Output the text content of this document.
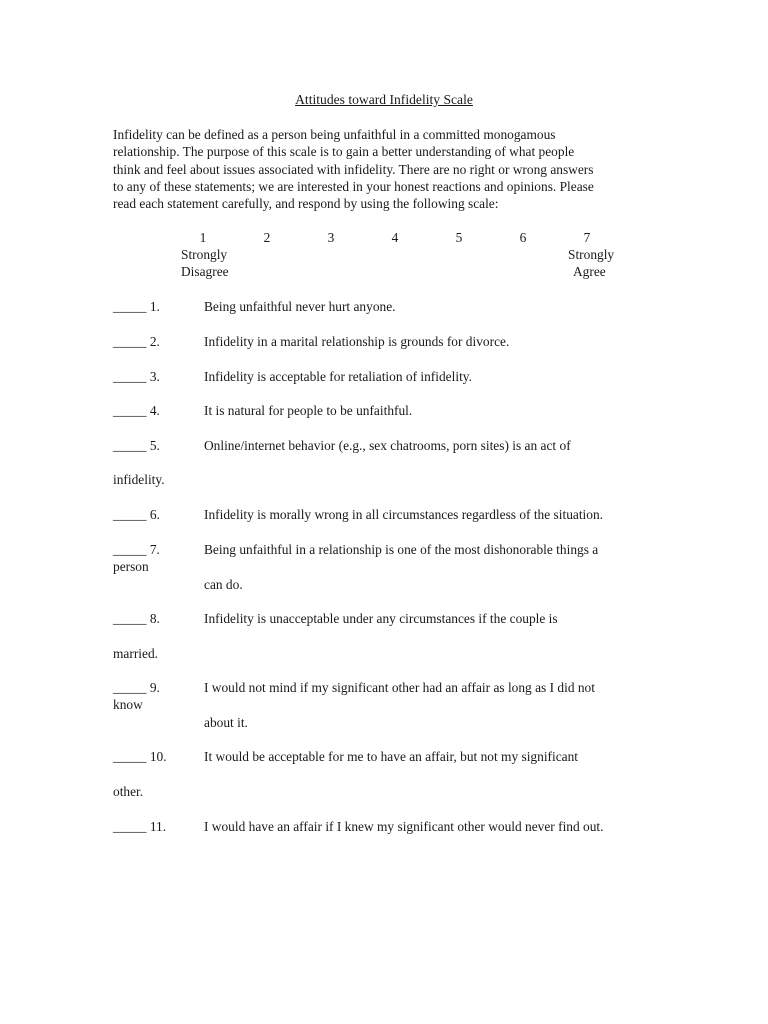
Attitudes toward Infidelity Scale
Infidelity can be defined as a person being unfaithful in a committed monogamous
relationship. The purpose of this scale is to gain a better understanding of what people
think and feel about issues associated with infidelity. There are no right or wrong answers
to any of these statements; we are interested in your honest reactions and opinions. Please
read each statement carefully, and respond by using the following scale:
1	2	3	4	5	6	7
Strongly
Disagree
Strongly
Agree
_____ 1.	Being unfaithful never hurt anyone.
_____ 2.	Infidelity in a marital relationship is grounds for divorce.
_____ 3.	Infidelity is acceptable for retaliation of infidelity.
_____ 4.	It is natural for people to be unfaithful.
_____ 5.	Online/internet behavior (e.g., sex chatrooms, porn sites) is an act of
infidelity.
_____ 6.	Infidelity is morally wrong in all circumstances regardless of the situation.
_____ 7.	Being unfaithful in a relationship is one of the most dishonorable things a
person
can do.
_____ 8.	Infidelity is unacceptable under any circumstances if the couple is
married.
_____ 9.	I would not mind if my significant other had an affair as long as I did not
know
about it.
_____ 10.	It would be acceptable for me to have an affair, but not my significant
other.
_____ 11.	I would have an affair if I knew my significant other would never find out.
